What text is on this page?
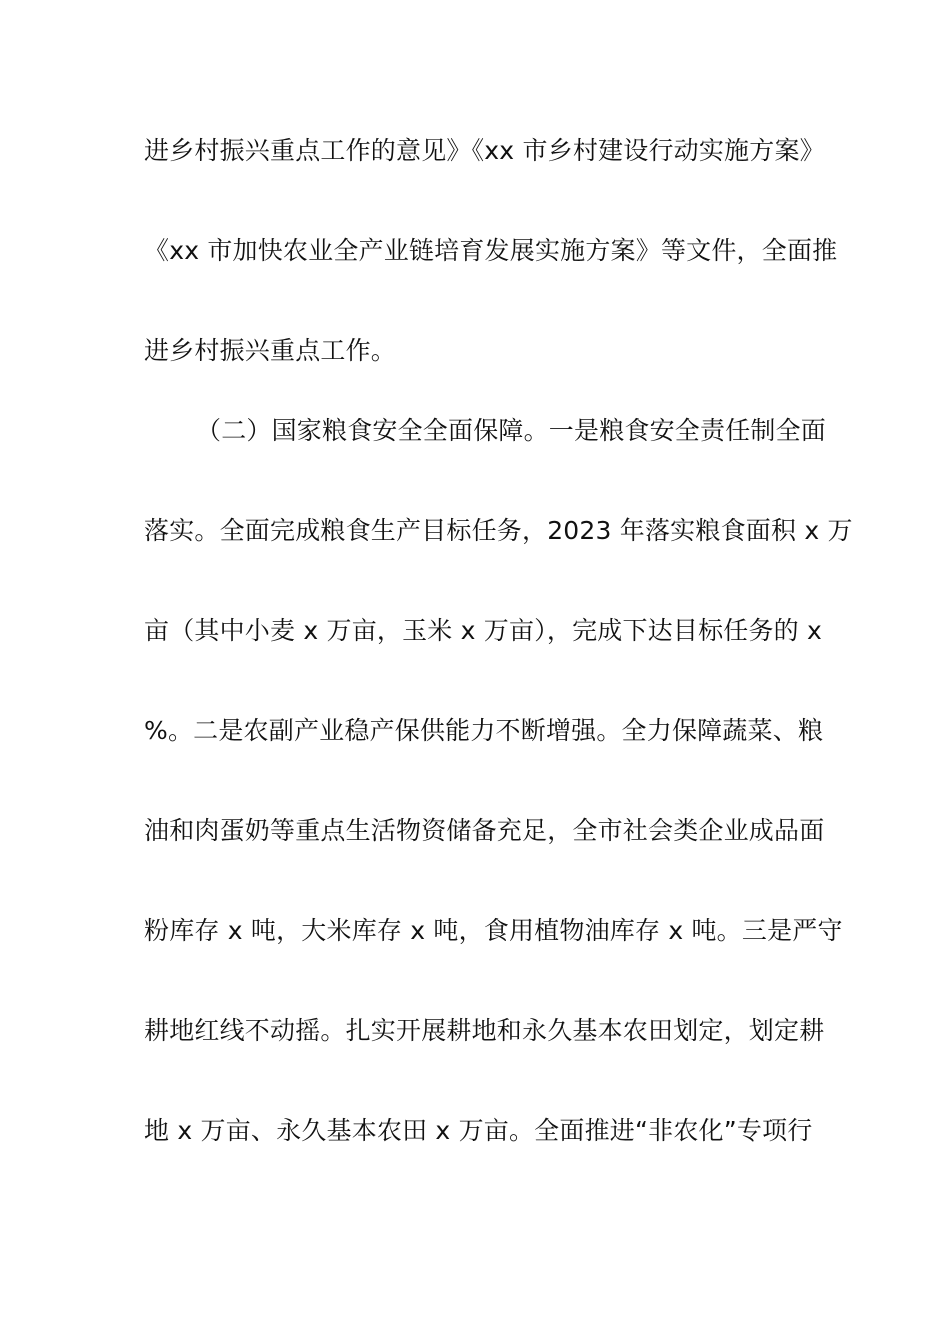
进乡村振兴重点工作的意见》《xx 市乡村建设行动实施方案》
《xx 市加快农业全产业链培育发展实施方案》等文件，全面推
进乡村振兴重点工作。
（二）国家粮食安全全面保障。一是粮食安全责任制全面
落实。全面完成粮食生产目标任务，2023 年落实粮食面积 x 万
亩（其中小麦 x 万亩，玉米 x 万亩），完成下达目标任务的 x
%。二是农副产业稳产保供能力不断增强。全力保障蔬菜、粮
油和肉蛋奶等重点生活物资储备充足，全市社会类企业成品面
粉库存 x 吨，大米库存 x 吨，食用植物油库存 x 吨。三是严守
耕地红线不动摇。扎实开展耕地和永久基本农田划定，划定耕
地 x 万亩、永久基本农田 x 万亩。全面推进“非农化”专项行
